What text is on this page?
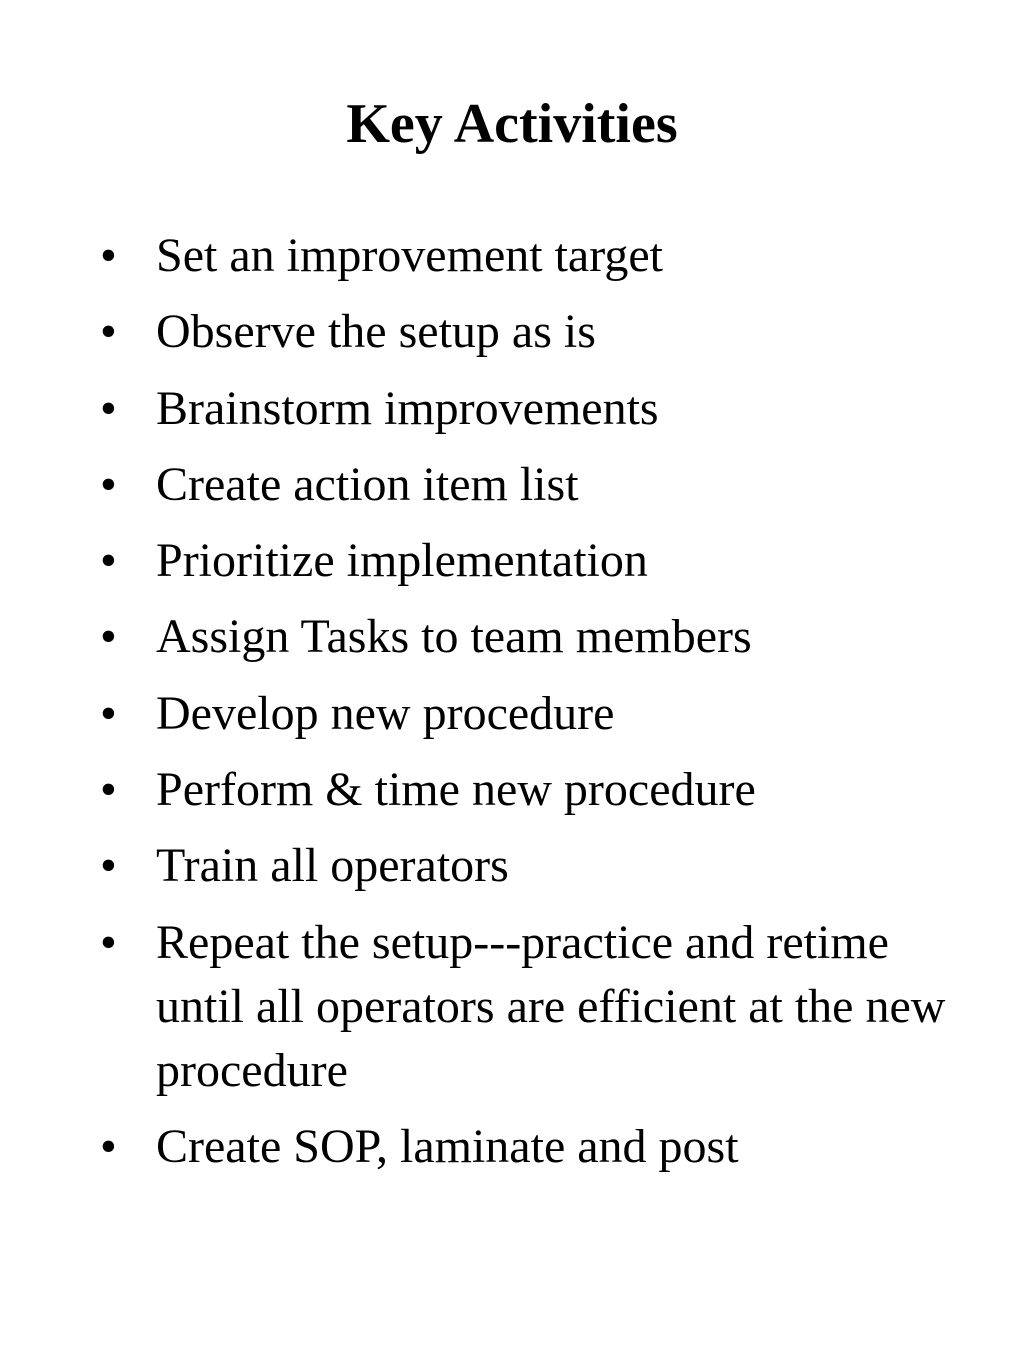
Key Activities
• Set an improvement target
• Observe the setup as is
• Brainstorm improvements
• Create action item list
• Prioritize implementation
• Assign Tasks to team members
• Develop new procedure
• Perform & time new procedure
• Train all operators
• Repeat the setup---practice and retime until all operators are efficient at the new procedure
• Create SOP, laminate and post
